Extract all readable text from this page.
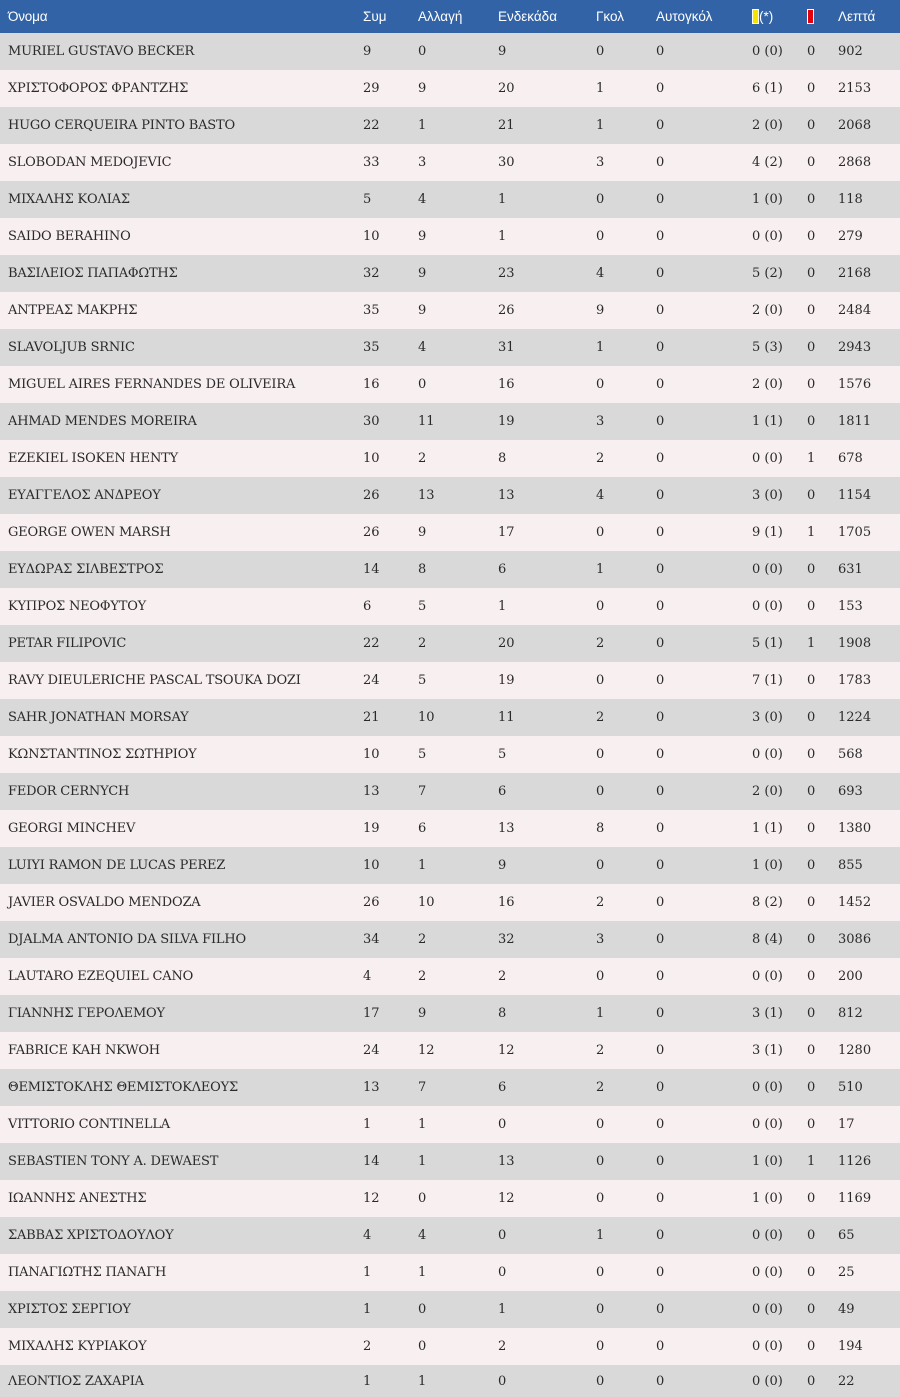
Όνομα	Συμ	Αλλαγή	Ενδεκάδα	Γκολ	Αυτογκόλ	(*)		Λεπτά
MURIEL GUSTAVO BECKER	9	0	9	0	0	0 (0)	0	902
ΧΡΙΣΤΟΦΟΡΟΣ ΦΡΑΝΤΖΗΣ	29	9	20	1	0	6 (1)	0	2153
HUGO CERQUEIRA PINTO BASTO	22	1	21	1	0	2 (0)	0	2068
SLOBODAN MEDOJEVIC	33	3	30	3	0	4 (2)	0	2868
ΜΙΧΑΛΗΣ ΚΟΛΙΑΣ	5	4	1	0	0	1 (0)	0	118
SAIDO BERAHINO	10	9	1	0	0	0 (0)	0	279
ΒΑΣΙΛΕΙΟΣ ΠΑΠΑΦΩΤΗΣ	32	9	23	4	0	5 (2)	0	2168
ΑΝΤΡΕΑΣ ΜΑΚΡΗΣ	35	9	26	9	0	2 (0)	0	2484
SLAVOLJUB SRNIC	35	4	31	1	0	5 (3)	0	2943
MIGUEL AIRES FERNANDES DE OLIVEIRA	16	0	16	0	0	2 (0)	0	1576
AHMAD MENDES MOREIRA	30	11	19	3	0	1 (1)	0	1811
EZEKIEL ISOKEN HENTY	10	2	8	2	0	0 (0)	1	678
ΕΥΑΓΓΕΛΟΣ ΑΝΔΡΕΟΥ	26	13	13	4	0	3 (0)	0	1154
GEORGE OWEN MARSH	26	9	17	0	0	9 (1)	1	1705
ΕΥΔΩΡΑΣ ΣΙΛΒΕΣΤΡΟΣ	14	8	6	1	0	0 (0)	0	631
ΚΥΠΡΟΣ ΝΕΟΦΥΤΟΥ	6	5	1	0	0	0 (0)	0	153
PETAR FILIPOVIC	22	2	20	2	0	5 (1)	1	1908
RAVY DIEULERICHE PASCAL TSOUKA DOZI	24	5	19	0	0	7 (1)	0	1783
SAHR JONATHAN MORSAY	21	10	11	2	0	3 (0)	0	1224
ΚΩΝΣΤΑΝΤΙΝΟΣ ΣΩΤΗΡΙΟΥ	10	5	5	0	0	0 (0)	0	568
FEDOR CERNYCH	13	7	6	0	0	2 (0)	0	693
GEORGI MINCHEV	19	6	13	8	0	1 (1)	0	1380
LUIYI RAMON DE LUCAS PEREZ	10	1	9	0	0	1 (0)	0	855
JAVIER OSVALDO MENDOZA	26	10	16	2	0	8 (2)	0	1452
DJALMA ANTONIO DA SILVA FILHO	34	2	32	3	0	8 (4)	0	3086
LAUTARO EZEQUIEL CANO	4	2	2	0	0	0 (0)	0	200
ΓΙΑΝΝΗΣ ΓΕΡΟΛΕΜΟΥ	17	9	8	1	0	3 (1)	0	812
FABRICE KAH NKWOH	24	12	12	2	0	3 (1)	0	1280
ΘΕΜΙΣΤΟΚΛΗΣ ΘΕΜΙΣΤΟΚΛΕΟΥΣ	13	7	6	2	0	0 (0)	0	510
VITTORIO CONTINELLA	1	1	0	0	0	0 (0)	0	17
SEBASTIEN TONY A. DEWAEST	14	1	13	0	0	1 (0)	1	1126
ΙΩΑΝΝΗΣ ΑΝΕΣΤΗΣ	12	0	12	0	0	1 (0)	0	1169
ΣΑΒΒΑΣ ΧΡΙΣΤΟΔΟΥΛΟΥ	4	4	0	1	0	0 (0)	0	65
ΠΑΝΑΓΙΩΤΗΣ ΠΑΝΑΓΗ	1	1	0	0	0	0 (0)	0	25
ΧΡΙΣΤΟΣ ΣΕΡΓΙΟΥ	1	0	1	0	0	0 (0)	0	49
ΜΙΧΑΛΗΣ ΚΥΡΙΑΚΟΥ	2	0	2	0	0	0 (0)	0	194
ΛΕΟΝΤΙΟΣ ΖΑΧΑΡΙΑ	1	1	0	0	0	0 (0)	0	22
